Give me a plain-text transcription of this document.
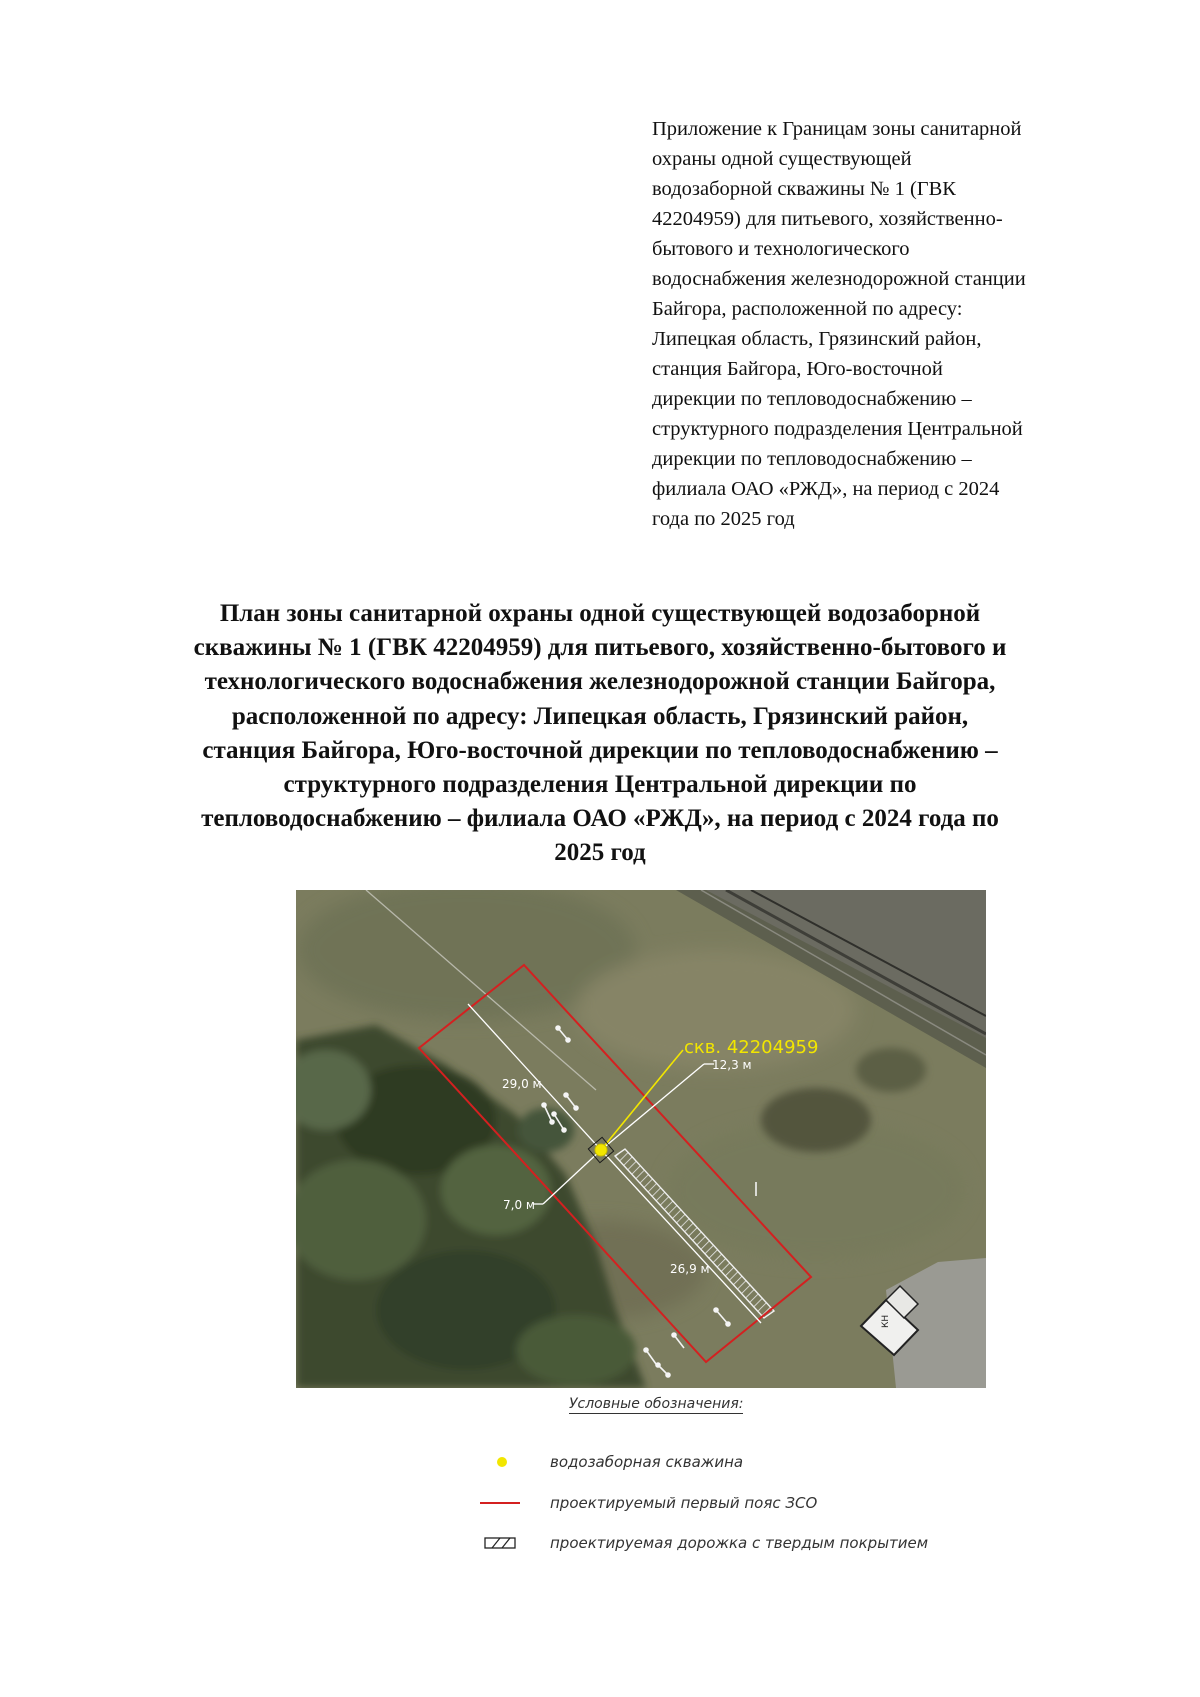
Приложение к Границам зоны санитарной
охраны одной существующей
водозаборной скважины № 1 (ГВК
42204959) для питьевого, хозяйственно-
бытового и технологического
водоснабжения железнодорожной станции
Байгора, расположенной по адресу:
Липецкая область, Грязинский район,
станция Байгора, Юго-восточной
дирекции по тепловодоснабжению –
структурного подразделения Центральной
дирекции по тепловодоснабжению –
филиала ОАО «РЖД», на период с 2024
года по 2025 год
План зоны санитарной охраны одной существующей водозаборной
скважины № 1 (ГВК 42204959) для питьевого, хозяйственно-бытового и
технологического водоснабжения железнодорожной станции Байгора,
расположенной по адресу: Липецкая область, Грязинский район,
станция Байгора, Юго-восточной дирекции по тепловодоснабжению –
структурного подразделения Центральной дирекции по
тепловодоснабжению – филиала ОАО «РЖД», на период с 2024 года по
2025 год
КН
скв. 42204959
29,0 м
12,3 м
7,0 м
26,9 м
Условные обозначения:
водозаборная скважина
проектируемый первый пояс ЗСО
проектируемая дорожка с твердым покрытием
